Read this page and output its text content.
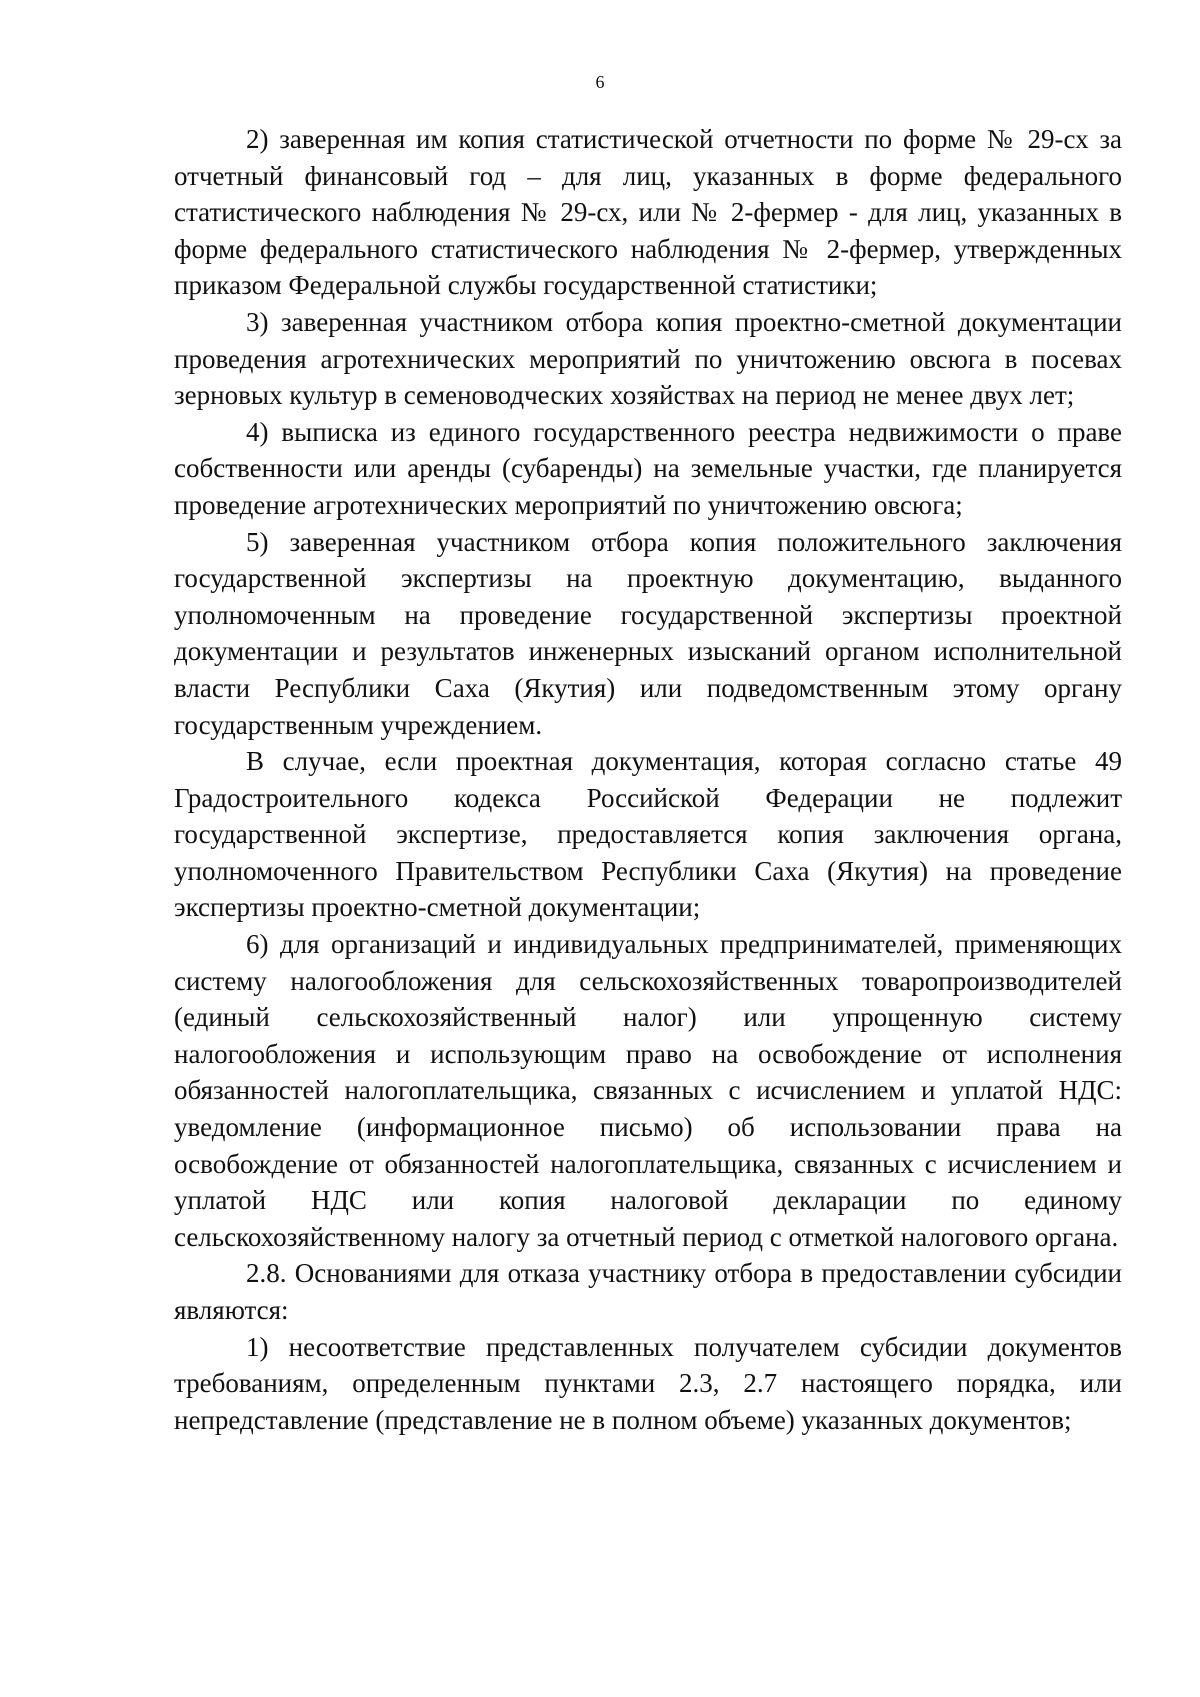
6

2) заверенная им копия статистической отчетности по форме № 29-сх за отчетный финансовый год – для лиц, указанных в форме федерального статистического наблюдения № 29-сх, или № 2-фермер - для лиц, указанных в форме федерального статистического наблюдения № 2-фермер, утвержденных приказом Федеральной службы государственной статистики;

3) заверенная участником отбора копия проектно-сметной документации проведения агротехнических мероприятий по уничтожению овсюга в посевах зерновых культур в семеноводческих хозяйствах на период не менее двух лет;

4) выписка из единого государственного реестра недвижимости о праве собственности или аренды (субаренды) на земельные участки, где планируется проведение агротехнических мероприятий по уничтожению овсюга;

5) заверенная участником отбора копия положительного заключения государственной экспертизы на проектную документацию, выданного уполномоченным на проведение государственной экспертизы проектной документации и результатов инженерных изысканий органом исполнительной власти Республики Саха (Якутия) или подведомственным этому органу государственным учреждением.

В случае, если проектная документация, которая согласно статье 49 Градостроительного кодекса Российской Федерации не подлежит государственной экспертизе, предоставляется копия заключения органа, уполномоченного Правительством Республики Саха (Якутия) на проведение экспертизы проектно-сметной документации;

6) для организаций и индивидуальных предпринимателей, применяющих систему налогообложения для сельскохозяйственных товаропроизводителей (единый сельскохозяйственный налог) или упрощенную систему налогообложения и использующим право на освобождение от исполнения обязанностей налогоплательщика, связанных с исчислением и уплатой НДС: уведомление (информационное письмо) об использовании права на освобождение от обязанностей налогоплательщика, связанных с исчислением и уплатой НДС или копия налоговой декларации по единому сельскохозяйственному налогу за отчетный период с отметкой налогового органа.

2.8. Основаниями для отказа участнику отбора в предоставлении субсидии являются:

1) несоответствие представленных получателем субсидии документов требованиям, определенным пунктами 2.3, 2.7 настоящего порядка, или непредставление (представление не в полном объеме) указанных документов;
